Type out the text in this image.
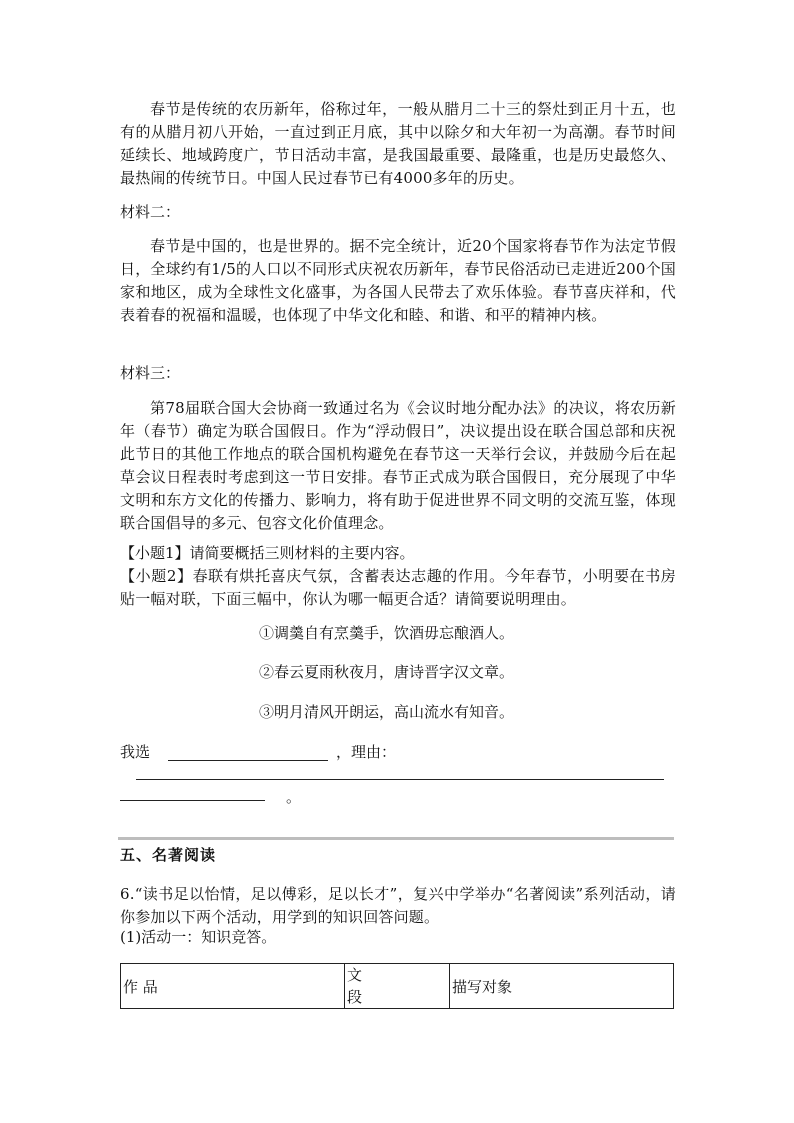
春节是传统的农历新年，俗称过年，一般从腊月二十三的祭灶到正月十五，也有的从腊月初八开始，一直过到正月底，其中以除夕和大年初一为高潮。春节时间延续长、地域跨度广，节日活动丰富，是我国最重要、最隆重，也是历史最悠久、最热闹的传统节日。中国人民过春节已有4000多年的历史。

材料二：

春节是中国的，也是世界的。据不完全统计，近20个国家将春节作为法定节假日，全球约有1/5的人口以不同形式庆祝农历新年，春节民俗活动已走进近200个国家和地区，成为全球性文化盛事，为各国人民带去了欢乐体验。春节喜庆祥和，代表着春的祝福和温暖，也体现了中华文化和睦、和谐、和平的精神内核。

材料三：

第78届联合国大会协商一致通过名为《会议时地分配办法》的决议，将农历新年（春节）确定为联合国假日。作为“浮动假日”，决议提出设在联合国总部和庆祝此节日的其他工作地点的联合国机构避免在春节这一天举行会议，并鼓励今后在起草会议日程表时考虑到这一节日安排。春节正式成为联合国假日，充分展现了中华文明和东方文化的传播力、影响力，将有助于促进世界不同文明的交流互鉴，体现联合国倡导的多元、包容文化价值理念。

【小题1】请简要概括三则材料的主要内容。

【小题2】春联有烘托喜庆气氛，含蓄表达志趣的作用。今年春节，小明要在书房贴一幅对联，下面三幅中，你认为哪一幅更合适？请简要说明理由。

①调羹自有烹羹手，饮酒毋忘酿酒人。

②春云夏雨秋夜月，唐诗晋字汉文章。

③明月清风开朗运，高山流水有知音。

我选	，理由：
。
五、名著阅读

6.“读书足以怡情，足以傅彩，足以长才”，复兴中学举办“名著阅读”系列活动，请你参加以下两个活动，用学到的知识回答问题。

(1)活动一：知识竞答。

作 品	文段	描写对象
